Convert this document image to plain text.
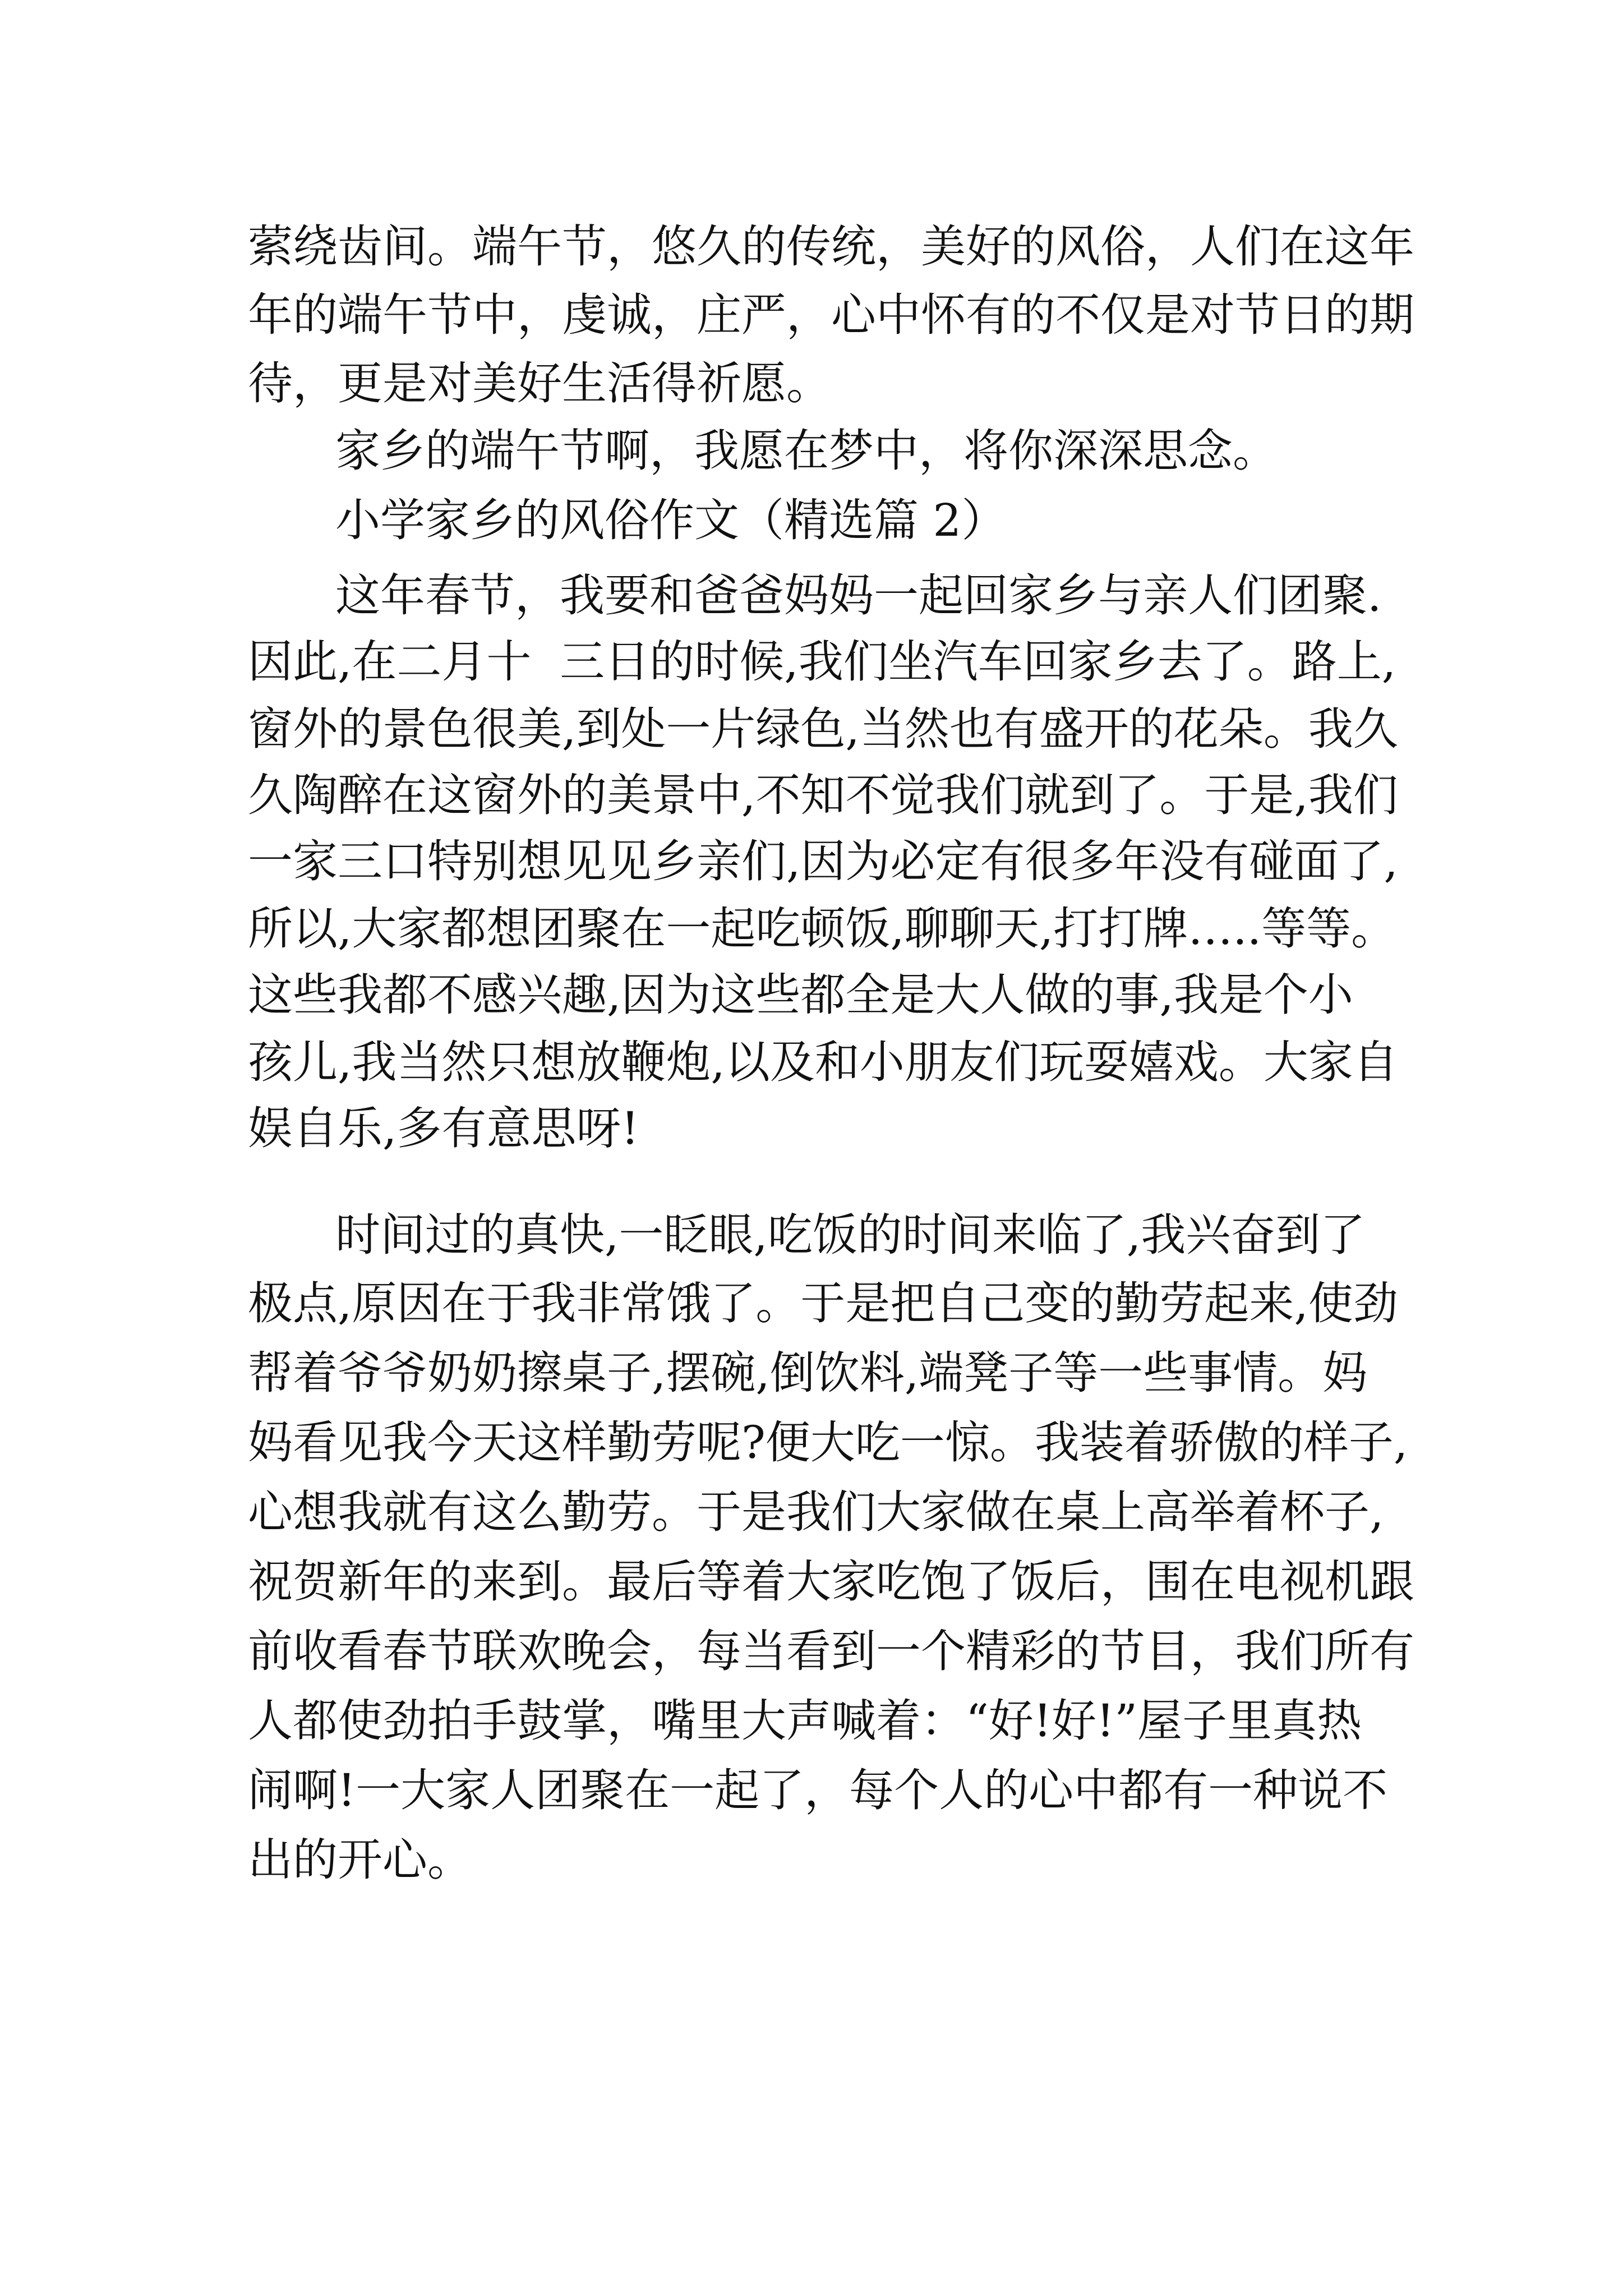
萦绕齿间。端午节，悠久的传统，美好的风俗，人们在这年
年的端午节中，虔诚，庄严，心中怀有的不仅是对节日的期
待，更是对美好生活得祈愿。
家乡的端午节啊，我愿在梦中，将你深深思念。
小学家乡的风俗作文（精选篇 2）
这年春节，我要和爸爸妈妈一起回家乡与亲人们团聚.
因此,在二月十  三日的时候,我们坐汽车回家乡去了。路上,
窗外的景色很美,到处一片绿色,当然也有盛开的花朵。我久
久陶醉在这窗外的美景中,不知不觉我们就到了。于是,我们
一家三口特别想见见乡亲们,因为必定有很多年没有碰面了,
所以,大家都想团聚在一起吃顿饭,聊聊天,打打牌…..等等。
这些我都不感兴趣,因为这些都全是大人做的事,我是个小
孩儿,我当然只想放鞭炮,以及和小朋友们玩耍嬉戏。大家自
娱自乐,多有意思呀!
时间过的真快,一眨眼,吃饭的时间来临了,我兴奋到了
极点,原因在于我非常饿了。于是把自己变的勤劳起来,使劲
帮着爷爷奶奶擦桌子,摆碗,倒饮料,端凳子等一些事情。妈
妈看见我今天这样勤劳呢?便大吃一惊。我装着骄傲的样子,
心想我就有这么勤劳。于是我们大家做在桌上高举着杯子,
祝贺新年的来到。最后等着大家吃饱了饭后，围在电视机跟
前收看春节联欢晚会，每当看到一个精彩的节目，我们所有
人都使劲拍手鼓掌，嘴里大声喊着：“好!好!”屋子里真热
闹啊!一大家人团聚在一起了，每个人的心中都有一种说不
出的开心。
